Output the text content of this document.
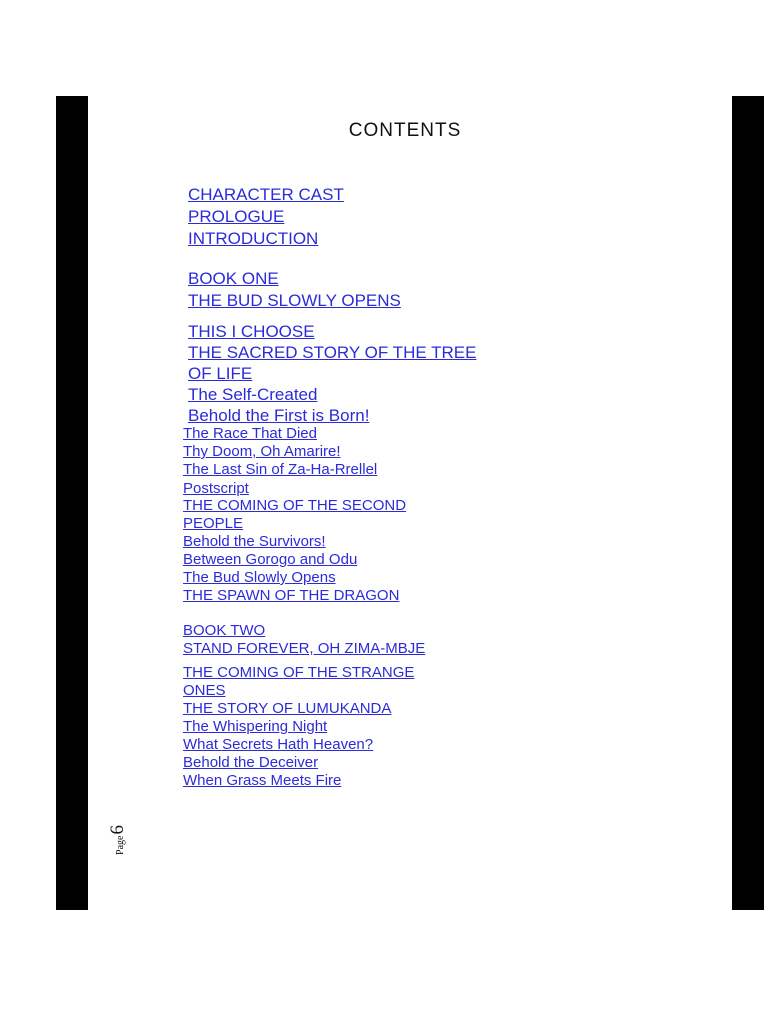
CONTENTS
CHARACTER CAST
PROLOGUE
INTRODUCTION
BOOK ONE
THE BUD SLOWLY OPENS
THIS I CHOOSE
THE SACRED STORY OF THE TREE
OF LIFE
The Self-Created
Behold the First is Born!
The Race That Died
Thy Doom, Oh Amarire!
The Last Sin of Za-Ha-Rrellel
Postscript
THE COMING OF THE SECOND
PEOPLE
Behold the Survivors!
Between Gorogo and Odu
The Bud Slowly Opens
THE SPAWN OF THE DRAGON
BOOK TWO
STAND FOREVER, OH ZIMA-MBJE
THE COMING OF THE STRANGE
ONES
THE STORY OF LUMUKANDA
The Whispering Night
What Secrets Hath Heaven?
Behold the Deceiver
When Grass Meets Fire
Page
6
